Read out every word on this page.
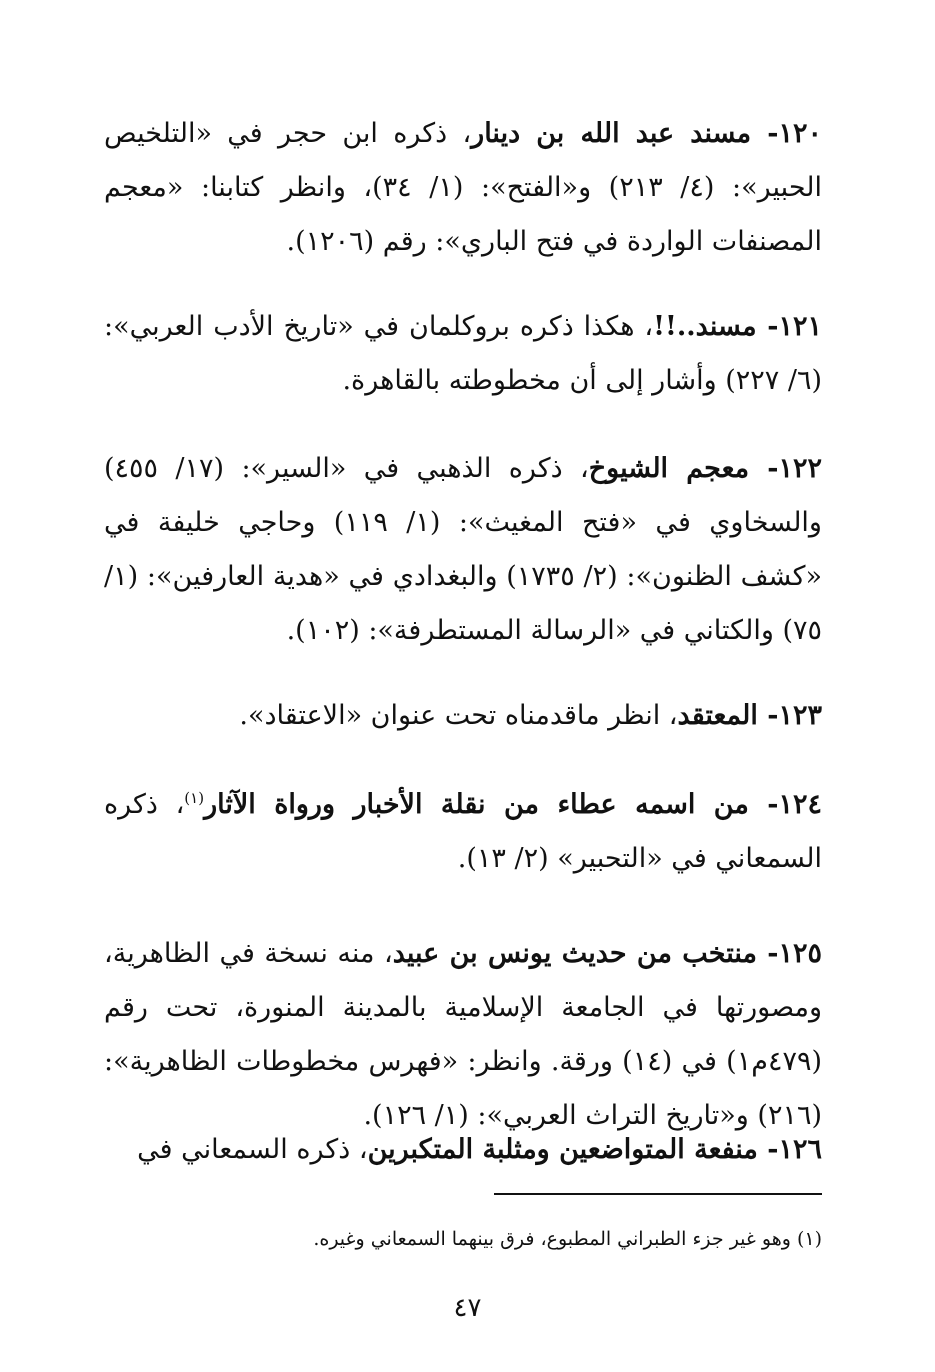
١٢٠- مسند عبد الله بن دينار، ذكره ابن حجر في «التلخيص الحبير»: (٤/ ٢١٣) و«الفتح»: (١/ ٣٤)، وانظر كتابنا: «معجم المصنفات الواردة في فتح الباري»: رقم (١٢٠٦).

١٢١- مسند..!!، هكذا ذكره بروكلمان في «تاريخ الأدب العربي»: (٦/ ٢٢٧) وأشار إلى أن مخطوطته بالقاهرة.

١٢٢- معجم الشيوخ، ذكره الذهبي في «السير»: (١٧/ ٤٥٥) والسخاوي في «فتح المغيث»: (١/ ١١٩) وحاجي خليفة في «كشف الظنون»: (٢/ ١٧٣٥) والبغدادي في «هدية العارفين»: (١/ ٧٥) والكتاني في «الرسالة المستطرفة»: (١٠٢).

١٢٣- المعتقد، انظر ماقدمناه تحت عنوان «الاعتقاد».

١٢٤- من اسمه عطاء من نقلة الأخبار ورواة الآثار$^{(١)}$، ذكره السمعاني في «التحبير» (٢/ ١٣).

١٢٥- منتخب من حديث يونس بن عبيد، منه نسخة في الظاهرية، ومصورتها في الجامعة الإسلامية بالمدينة المنورة، تحت رقم (٤٧٩م١) في (١٤) ورقة. وانظر: «فهرس مخطوطات الظاهرية»: (٢١٦) و«تاريخ التراث العربي»: (١/ ١٢٦).

١٢٦- منفعة المتواضعين ومثلبة المتكبرين، ذكره السمعاني في

(١) وهو غير جزء الطبراني المطبوع، فرق بينهما السمعاني وغيره.

٤٧
